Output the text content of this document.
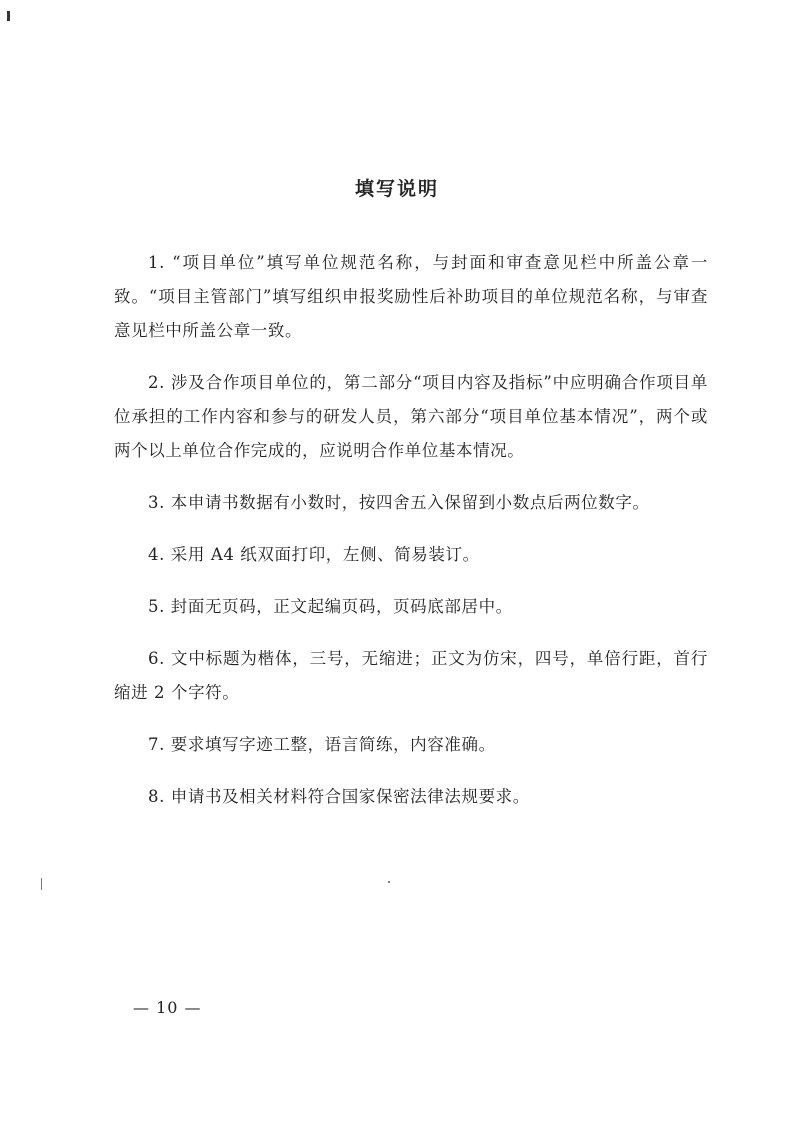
填写说明

1. “项目单位”填写单位规范名称，与封面和审查意见栏中所盖公章一致。“项目主管部门”填写组织申报奖励性后补助项目的单位规范名称，与审查意见栏中所盖公章一致。

2. 涉及合作项目单位的，第二部分“项目内容及指标”中应明确合作项目单位承担的工作内容和参与的研发人员，第六部分“项目单位基本情况”，两个或两个以上单位合作完成的，应说明合作单位基本情况。

3. 本申请书数据有小数时，按四舍五入保留到小数点后两位数字。

4. 采用 A4 纸双面打印，左侧、简易装订。

5. 封面无页码，正文起编页码，页码底部居中。

6. 文中标题为楷体，三号，无缩进；正文为仿宋，四号，单倍行距，首行缩进 2 个字符。

7. 要求填写字迹工整，语言简练，内容准确。

8. 申请书及相关材料符合国家保密法律法规要求。

— 10 —
